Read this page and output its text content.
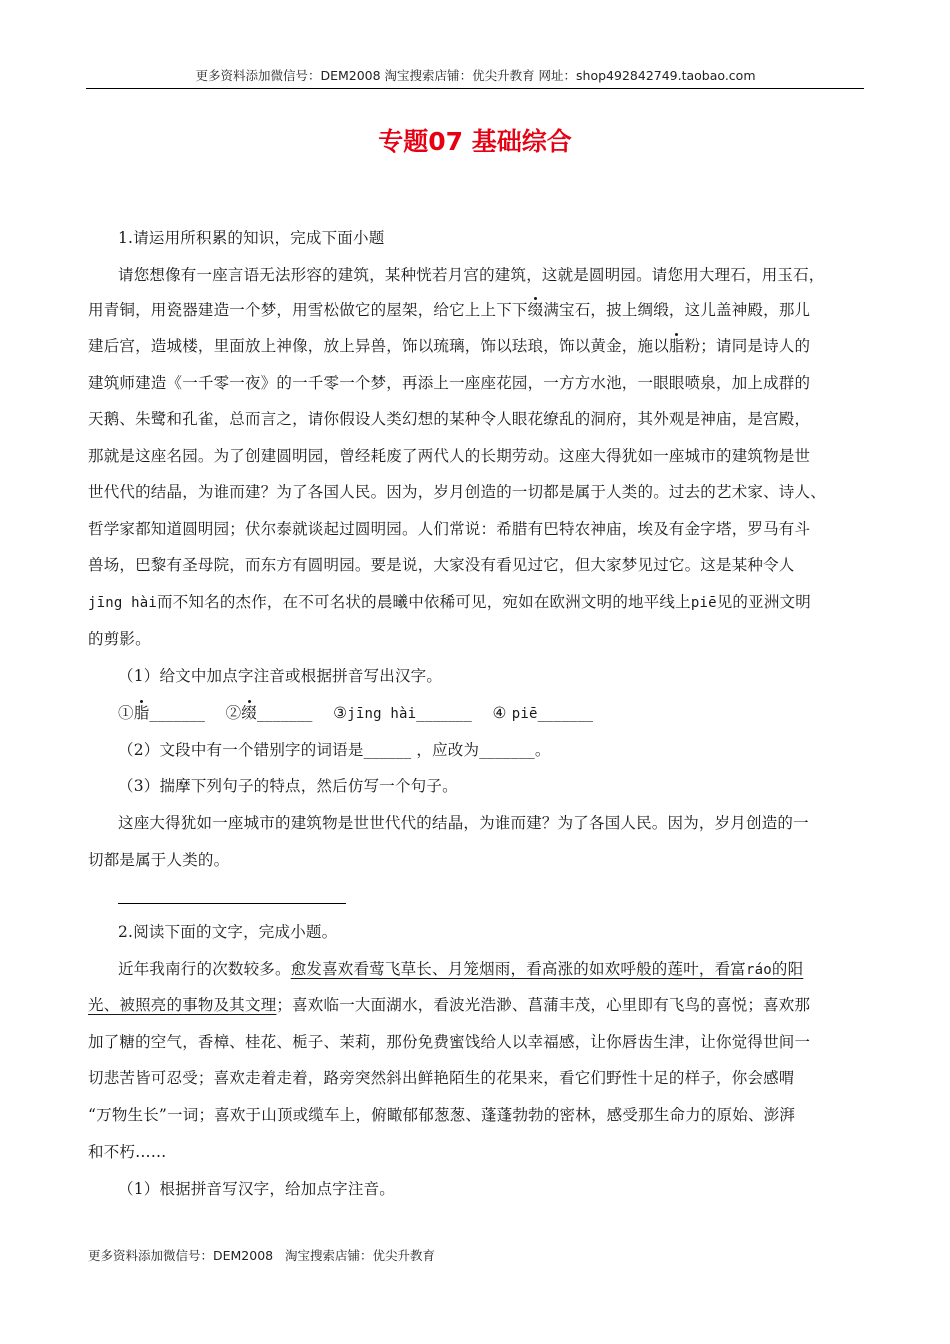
更多资料添加微信号：DEM2008 淘宝搜索店铺：优尖升教育 网址：shop492842749.taobao.com
专题07 基础综合
1.请运用所积累的知识，完成下面小题
请您想像有一座言语无法形容的建筑，某种恍若月宫的建筑，这就是圆明园。请您用大理石，用玉石，
用青铜，用瓷器建造一个梦，用雪松做它的屋架，给它上上下下缀满宝石，披上绸缎，这儿盖神殿，那儿
建后宫，造城楼，里面放上神像，放上异兽，饰以琉璃，饰以珐琅，饰以黄金，施以脂粉；请同是诗人的
建筑师建造《一千零一夜》的一千零一个梦，再添上一座座花园，一方方水池，一眼眼喷泉，加上成群的
天鹅、朱鹭和孔雀，总而言之，请你假设人类幻想的某种令人眼花缭乱的洞府，其外观是神庙，是宫殿，
那就是这座名园。为了创建圆明园，曾经耗废了两代人的长期劳动。这座大得犹如一座城市的建筑物是世
世代代的结晶，为谁而建？为了各国人民。因为，岁月创造的一切都是属于人类的。过去的艺术家、诗人、
哲学家都知道圆明园；伏尔泰就谈起过圆明园。人们常说：希腊有巴特农神庙，埃及有金字塔，罗马有斗
兽场，巴黎有圣母院，而东方有圆明园。要是说，大家没有看见过它，但大家梦见过它。这是某种令人
jīng hài而不知名的杰作，在不可名状的晨曦中依稀可见，宛如在欧洲文明的地平线上piē见的亚洲文明
的剪影。
（1）给文中加点字注音或根据拼音写出汉字。
①脂_______ ②缀_______ ③jīng hài_______ ④ piē_______
（2）文段中有一个错别字的词语是______ ，应改为_______。
（3）揣摩下列句子的特点，然后仿写一个句子。
这座大得犹如一座城市的建筑物是世世代代的结晶，为谁而建？为了各国人民。因为，岁月创造的一
切都是属于人类的。
2.阅读下面的文字，完成小题。
近年我南行的次数较多。愈发喜欢看莺飞草长、月笼烟雨，看高涨的如欢呼般的莲叶，看富ráo的阳
光、被照亮的事物及其文理；喜欢临一大面湖水，看波光浩渺、菖蒲丰茂，心里即有飞鸟的喜悦；喜欢那
加了糖的空气，香樟、桂花、栀子、茉莉，那份免费蜜饯给人以幸福感，让你唇齿生津，让你觉得世间一
切悲苦皆可忍受；喜欢走着走着，路旁突然斜出鲜艳陌生的花果来，看它们野性十足的样子，你会感喟
“万物生长”一词；喜欢于山顶或缆车上，俯瞰郁郁葱葱、蓬蓬勃勃的密林，感受那生命力的原始、澎湃
和不朽……
（1）根据拼音写汉字，给加点字注音。
更多资料添加微信号：DEM2008   淘宝搜索店铺：优尖升教育
